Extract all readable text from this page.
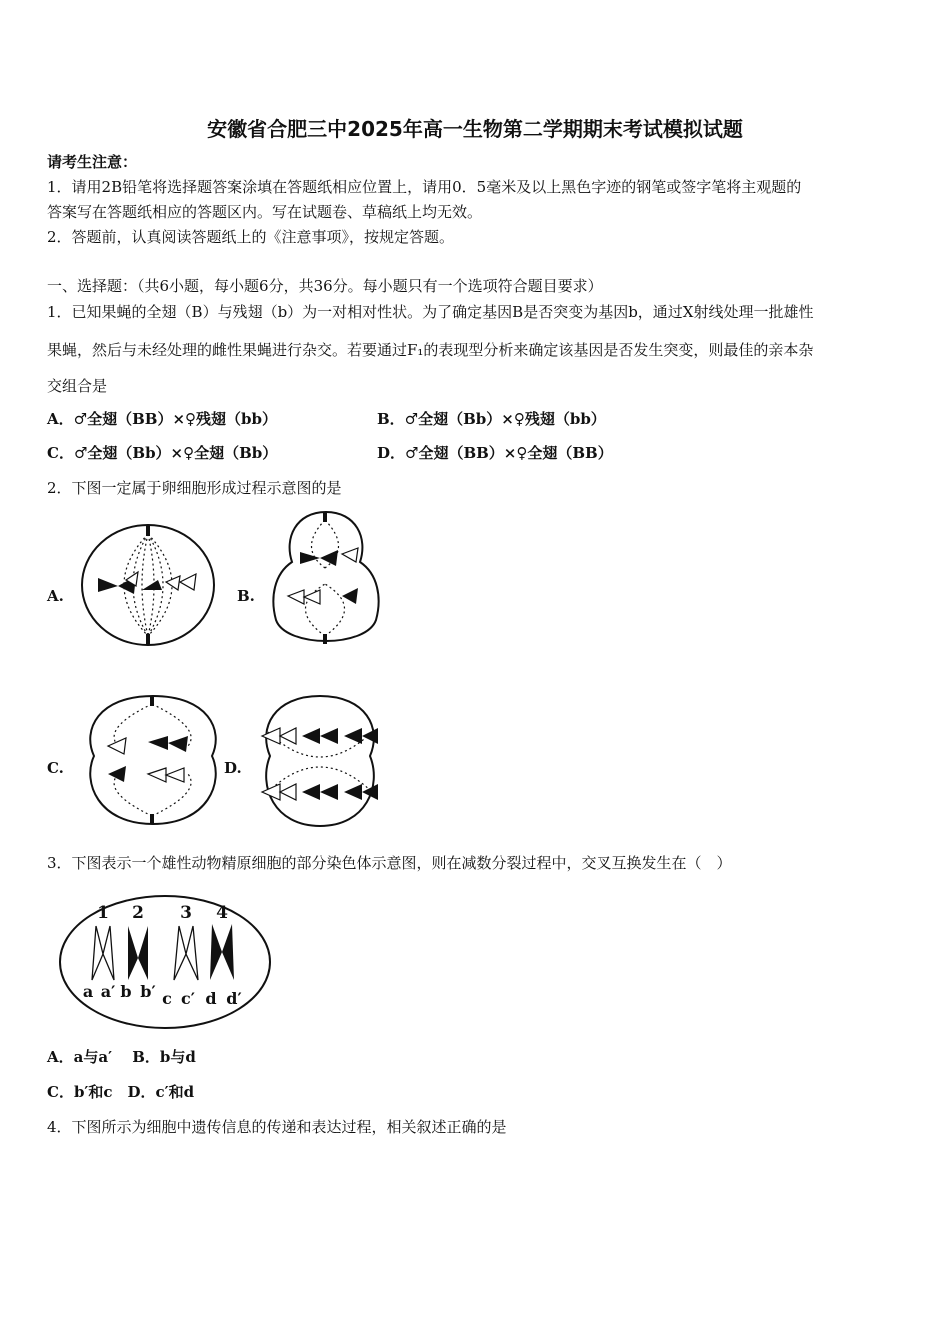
安徽省合肥三中2025年高一生物第二学期期末考试模拟试题
请考生注意：
1．请用2B铅笔将选择题答案涂填在答题纸相应位置上，请用0．5毫米及以上黑色字迹的钢笔或签字笔将主观题的
答案写在答题纸相应的答题区内。写在试题卷、草稿纸上均无效。
2．答题前，认真阅读答题纸上的《注意事项》，按规定答题。
一、选择题：（共6小题，每小题6分，共36分。每小题只有一个选项符合题目要求）
1．已知果蝇的全翅（B）与残翅（b）为一对相对性状。为了确定基因B是否突变为基因b，通过X射线处理一批雄性
果蝇，然后与未经处理的雌性果蝇进行杂交。若要通过F₁的表现型分析来确定该基因是否发生突变，则最佳的亲本杂
交组合是
A．♂全翅（BB）×♀残翅（bb）	B．♂全翅（Bb）×♀残翅（bb）
C．♂全翅（Bb）×♀全翅（Bb）	D．♂全翅（BB）×♀全翅（BB）
2．下图一定属于卵细胞形成过程示意图的是
A.	B.
C.	D.
3．下图表示一个雄性动物精原细胞的部分染色体示意图，则在减数分裂过程中，交叉互换发生在（　）
1 2 3 4
a a′ b b′ c c′ d d′
A．a与a′　 B．b与d
C．b′和c　D．c′和d
4．下图所示为细胞中遗传信息的传递和表达过程，相关叙述正确的是
